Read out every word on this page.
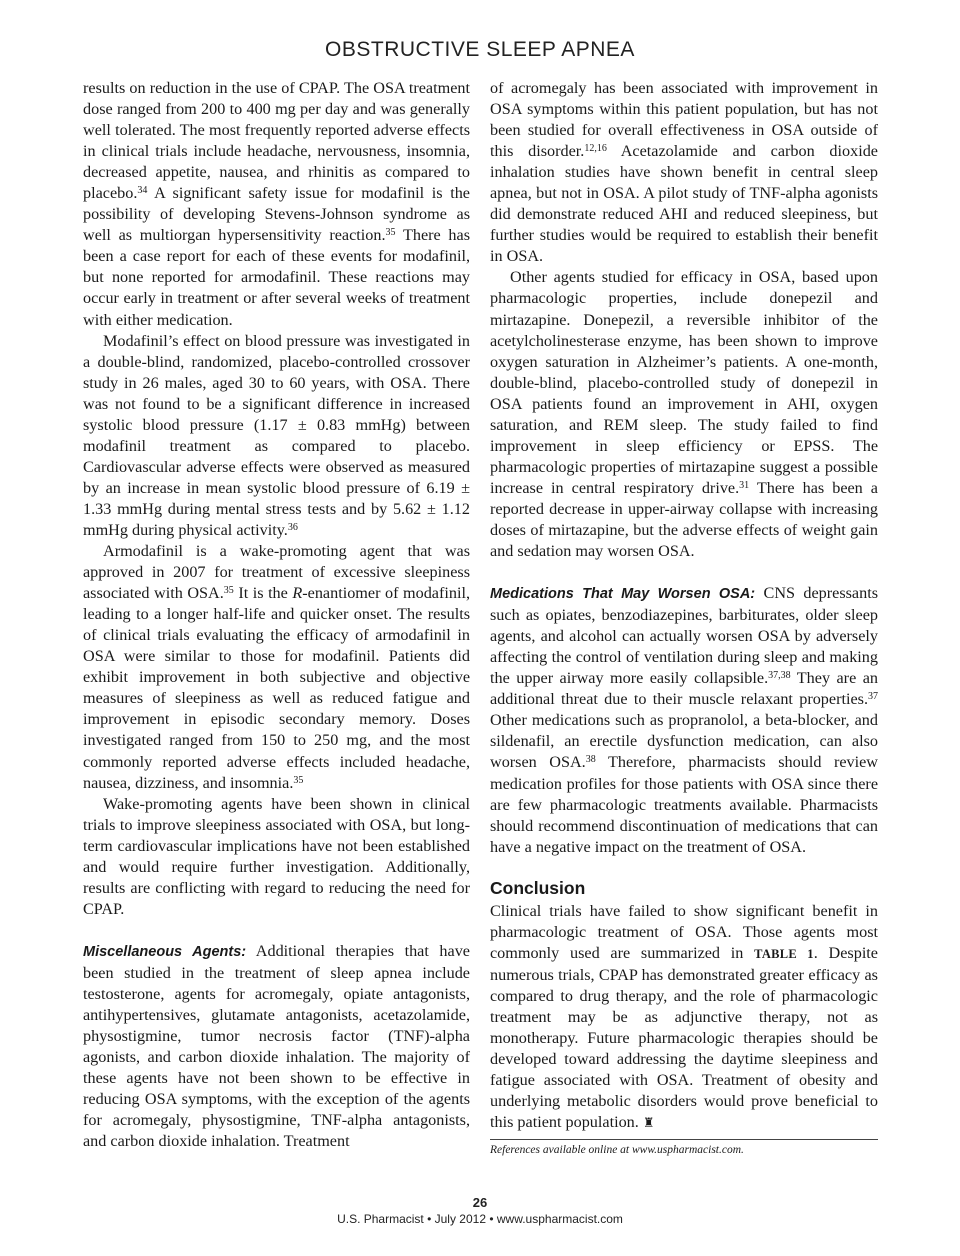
OBSTRUCTIVE SLEEP APNEA

results on reduction in the use of CPAP. The OSA treatment dose ranged from 200 to 400 mg per day and was generally well tolerated. The most frequently reported adverse effects in clinical trials include headache, nervousness, insomnia, decreased appetite, nausea, and rhinitis as compared to placebo.$^{34}$ A significant safety issue for modafinil is the possibility of developing Stevens-Johnson syndrome as well as multiorgan hypersensitivity reaction.$^{35}$ There has been a case report for each of these events for modafinil, but none reported for armodafinil. These reactions may occur early in treatment or after several weeks of treatment with either medication.

Modafinil’s effect on blood pressure was investigated in a double-blind, randomized, placebo-controlled crossover study in 26 males, aged 30 to 60 years, with OSA. There was not found to be a significant difference in increased systolic blood pressure (1.17 ± 0.83 mmHg) between modafinil treatment as compared to placebo. Cardiovascular adverse effects were observed as measured by an increase in mean systolic blood pressure of 6.19 ± 1.33 mmHg during mental stress tests and by 5.62 ± 1.12 mmHg during physical activity.$^{36}$

Armodafinil is a wake-promoting agent that was approved in 2007 for treatment of excessive sleepiness associated with OSA.$^{35}$ It is the R-enantiomer of modafinil, leading to a longer half-life and quicker onset. The results of clinical trials evaluating the efficacy of armodafinil in OSA were similar to those for modafinil. Patients did exhibit improvement in both subjective and objective measures of sleepiness as well as reduced fatigue and improvement in episodic secondary memory. Doses investigated ranged from 150 to 250 mg, and the most commonly reported adverse effects included headache, nausea, dizziness, and insomnia.$^{35}$

Wake-promoting agents have been shown in clinical trials to improve sleepiness associated with OSA, but long-term cardiovascular implications have not been established and would require further investigation. Additionally, results are conflicting with regard to reducing the need for CPAP.

Miscellaneous Agents: Additional therapies that have been studied in the treatment of sleep apnea include testosterone, agents for acromegaly, opiate antagonists, antihypertensives, glutamate antagonists, acetazolamide, physostigmine, tumor necrosis factor (TNF)-alpha agonists, and carbon dioxide inhalation. The majority of these agents have not been shown to be effective in reducing OSA symptoms, with the exception of the agents for acromegaly, physostigmine, TNF-alpha antagonists, and carbon dioxide inhalation. Treatment

of acromegaly has been associated with improvement in OSA symptoms within this patient population, but has not been studied for overall effectiveness in OSA outside of this disorder.$^{12,16}$ Acetazolamide and carbon dioxide inhalation studies have shown benefit in central sleep apnea, but not in OSA. A pilot study of TNF-alpha agonists did demonstrate reduced AHI and reduced sleepiness, but further studies would be required to establish their benefit in OSA.

Other agents studied for efficacy in OSA, based upon pharmacologic properties, include donepezil and mirtazapine. Donepezil, a reversible inhibitor of the acetylcholinesterase enzyme, has been shown to improve oxygen saturation in Alzheimer’s patients. A one-month, double-blind, placebo-controlled study of donepezil in OSA patients found an improvement in AHI, oxygen saturation, and REM sleep. The study failed to find improvement in sleep efficiency or EPSS. The pharmacologic properties of mirtazapine suggest a possible increase in central respiratory drive.$^{31}$ There has been a reported decrease in upper-airway collapse with increasing doses of mirtazapine, but the adverse effects of weight gain and sedation may worsen OSA.

Medications That May Worsen OSA: CNS depressants such as opiates, benzodiazepines, barbiturates, older sleep agents, and alcohol can actually worsen OSA by adversely affecting the control of ventilation during sleep and making the upper airway more easily collapsible.$^{37,38}$ They are an additional threat due to their muscle relaxant properties.$^{37}$ Other medications such as propranolol, a beta-blocker, and sildenafil, an erectile dysfunction medication, can also worsen OSA.$^{38}$ Therefore, pharmacists should review medication profiles for those patients with OSA since there are few pharmacologic treatments available. Pharmacists should recommend discontinuation of medications that can have a negative impact on the treatment of OSA.

Conclusion

Clinical trials have failed to show significant benefit in pharmacologic treatment of OSA. Those agents most commonly used are summarized in TABLE 1. Despite numerous trials, CPAP has demonstrated greater efficacy as compared to drug therapy, and the role of pharmacologic treatment may be as adjunctive therapy, not as monotherapy. Future pharmacologic therapies should be developed toward addressing the daytime sleepiness and fatigue associated with OSA. Treatment of obesity and underlying metabolic disorders would prove beneficial to this patient population. ♜

References available online at www.uspharmacist.com.
26
U.S. Pharmacist • July 2012 • www.uspharmacist.com
